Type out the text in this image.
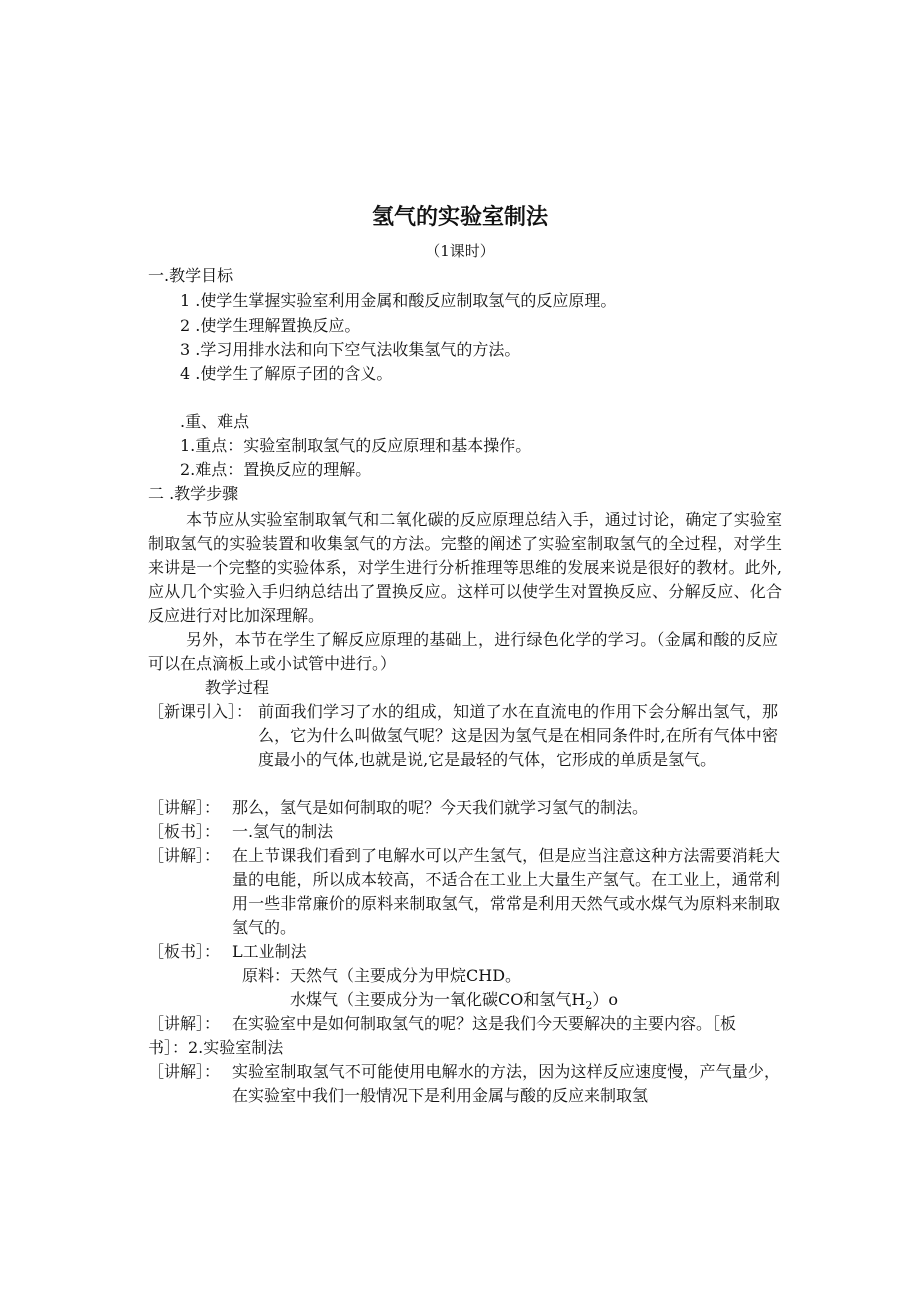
氢气的实验室制法
（1课时）
一.教学目标
1 .使学生掌握实验室利用金属和酸反应制取氢气的反应原理。
2 .使学生理解置换反应。
3 .学习用排水法和向下空气法收集氢气的方法。
4 .使学生了解原子团的含义。
.重、难点
1.重点：实验室制取氢气的反应原理和基本操作。
2.难点：置换反应的理解。
二 .教学步骤
本节应从实验室制取氧气和二氧化碳的反应原理总结入手，通过讨论，确定了实验室制取氢气的实验装置和收集氢气的方法。完整的阐述了实验室制取氢气的全过程，对学生来讲是一个完整的实验体系，对学生进行分析推理等思维的发展来说是很好的教材。此外,应从几个实验入手归纳总结出了置换反应。这样可以使学生对置换反应、分解反应、化合反应进行对比加深理解。
另外，本节在学生了解反应原理的基础上，进行绿色化学的学习。（金属和酸的反应可以在点滴板上或小试管中进行。）
教学过程
［新课引入］： 前面我们学习了水的组成，知道了水在直流电的作用下会分解出氢气，那么，它为什么叫做氢气呢？这是因为氢气是在相同条件时,在所有气体中密度最小的气体,也就是说,它是最轻的气体，它形成的单质是氢气。
［讲解］： 那么，氢气是如何制取的呢？今天我们就学习氢气的制法。
［板书］： 一.氢气的制法
［讲解］： 在上节课我们看到了电解水可以产生氢气，但是应当注意这种方法需要消耗大量的电能，所以成本较高，不适合在工业上大量生产氢气。在工业上，通常利用一些非常廉价的原料来制取氢气，常常是利用天然气或水煤气为原料来制取氢气的。
［板书］： L工业制法
原料：天然气（主要成分为甲烷CHD。
水煤气（主要成分为一氧化碳CO和氢气$H_2)o$
［讲解］： 在实验室中是如何制取氢气的呢？这是我们今天要解决的主要内容。［板
书］：2.实验室制法
［讲解］： 实验室制取氢气不可能使用电解水的方法，因为这样反应速度慢，产气量少，在实验室中我们一般情况下是利用金属与酸的反应来制取氢
